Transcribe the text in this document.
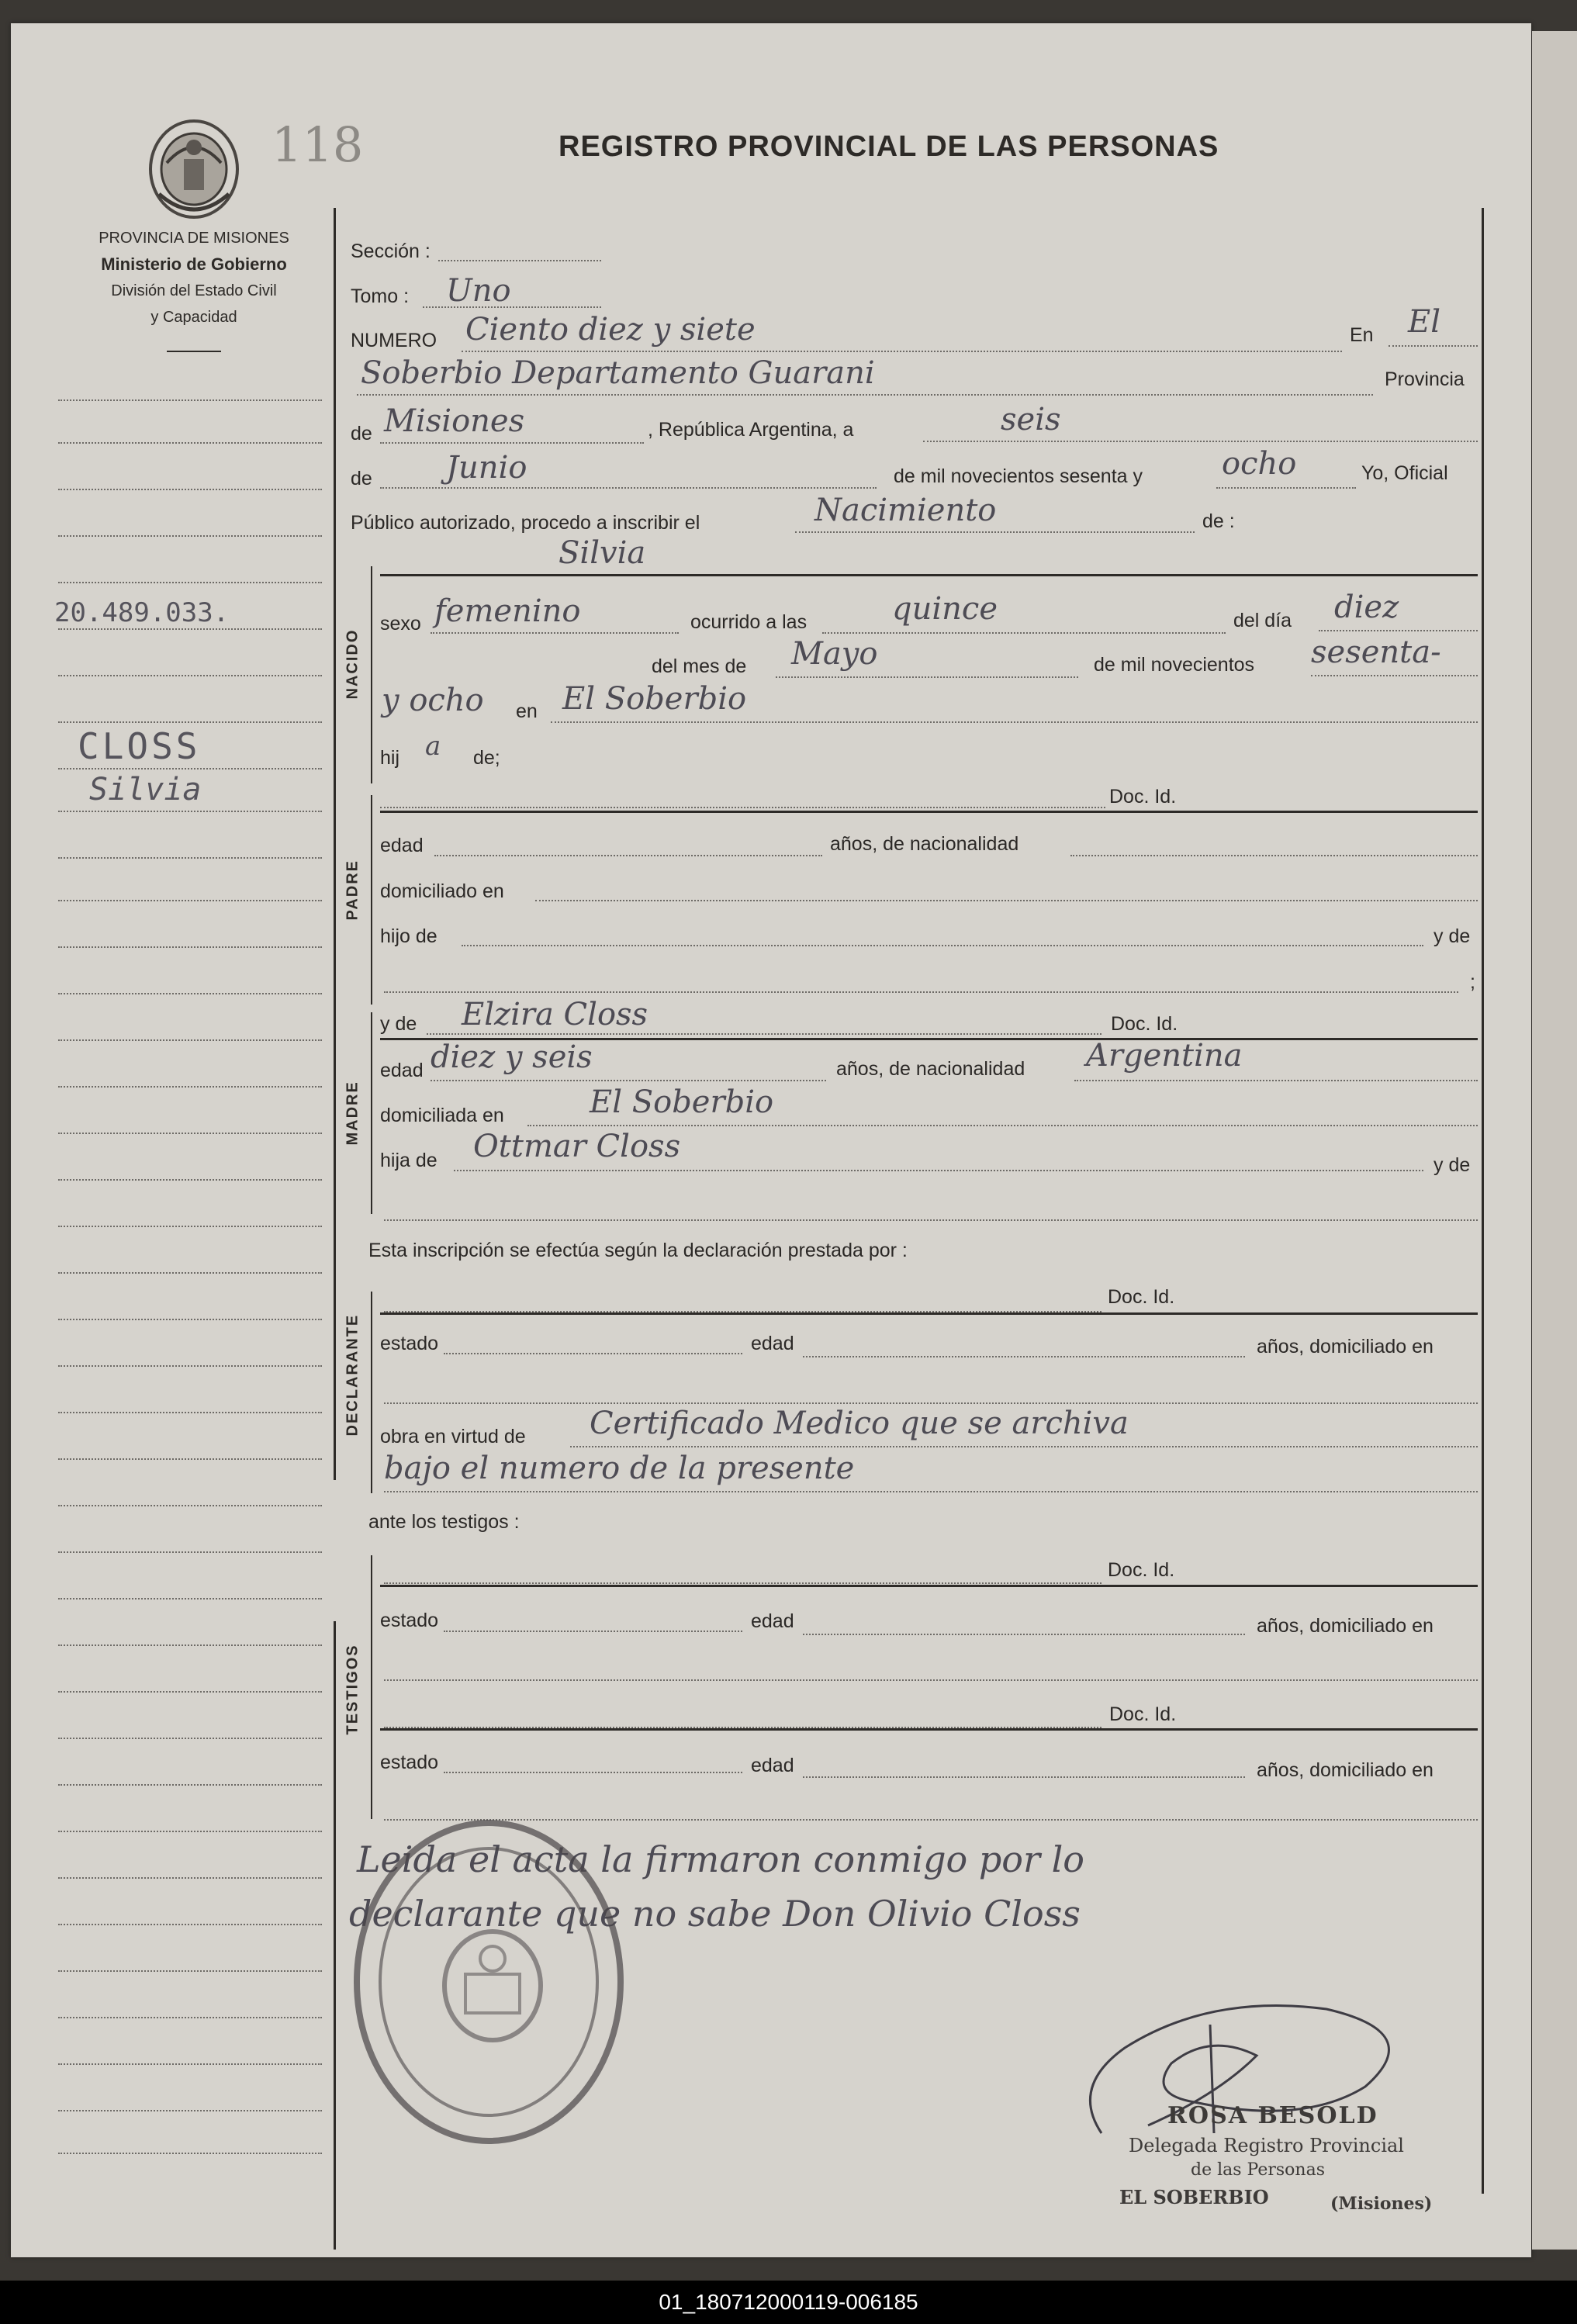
118	REGISTRO PROVINCIAL DE LAS PERSONAS
PROVINCIA DE MISIONES
Ministerio de Gobierno
División del Estado Civil
y Capacidad
20.489.033.
CLOSS
Silvia
NACIDO
PADRE
MADRE
DECLARANTE
TESTIGOS
Sección :
Tomo : Uno
NUMERO Ciento diez y siete	En El
Soberbio Departamento Guarani	Provincia
de Misiones	, República Argentina, a	seis
de Junio	de mil novecientos sesenta y	ocho	Yo, Oficial
Público autorizado, procedo a inscribir el	Nacimiento	de :
Silvia
sexo femenino	ocurrido a las	quince	del día diez
del mes de Mayo	de mil novecientos sesenta-
y ocho en El Soberbio
hij a de;
Doc. Id.
edad	años, de nacionalidad
domiciliado en
hijo de	y de
;
y de Elzira Closs	Doc. Id.
edad diez y seis	años, de nacionalidad Argentina
domiciliada en	El Soberbio
hija de Ottmar Closs
y de
Esta inscripción se efectúa según la declaración prestada por :
Doc. Id.
estado	edad	años, domiciliado en
obra en virtud de Certificado Medico que se archiva
bajo el numero de la presente
ante los testigos :
Doc. Id.
estado	edad	años, domiciliado en
Doc. Id.
estado	edad	años, domiciliado en
Leida el acta la firmaron conmigo por lo
declarante que no sabe Don Olivio Closs
ROSA BESOLD
Delegada Registro Provincial
de las Personas
EL SOBERBIO	(Misiones)
01_180712000119-006185
